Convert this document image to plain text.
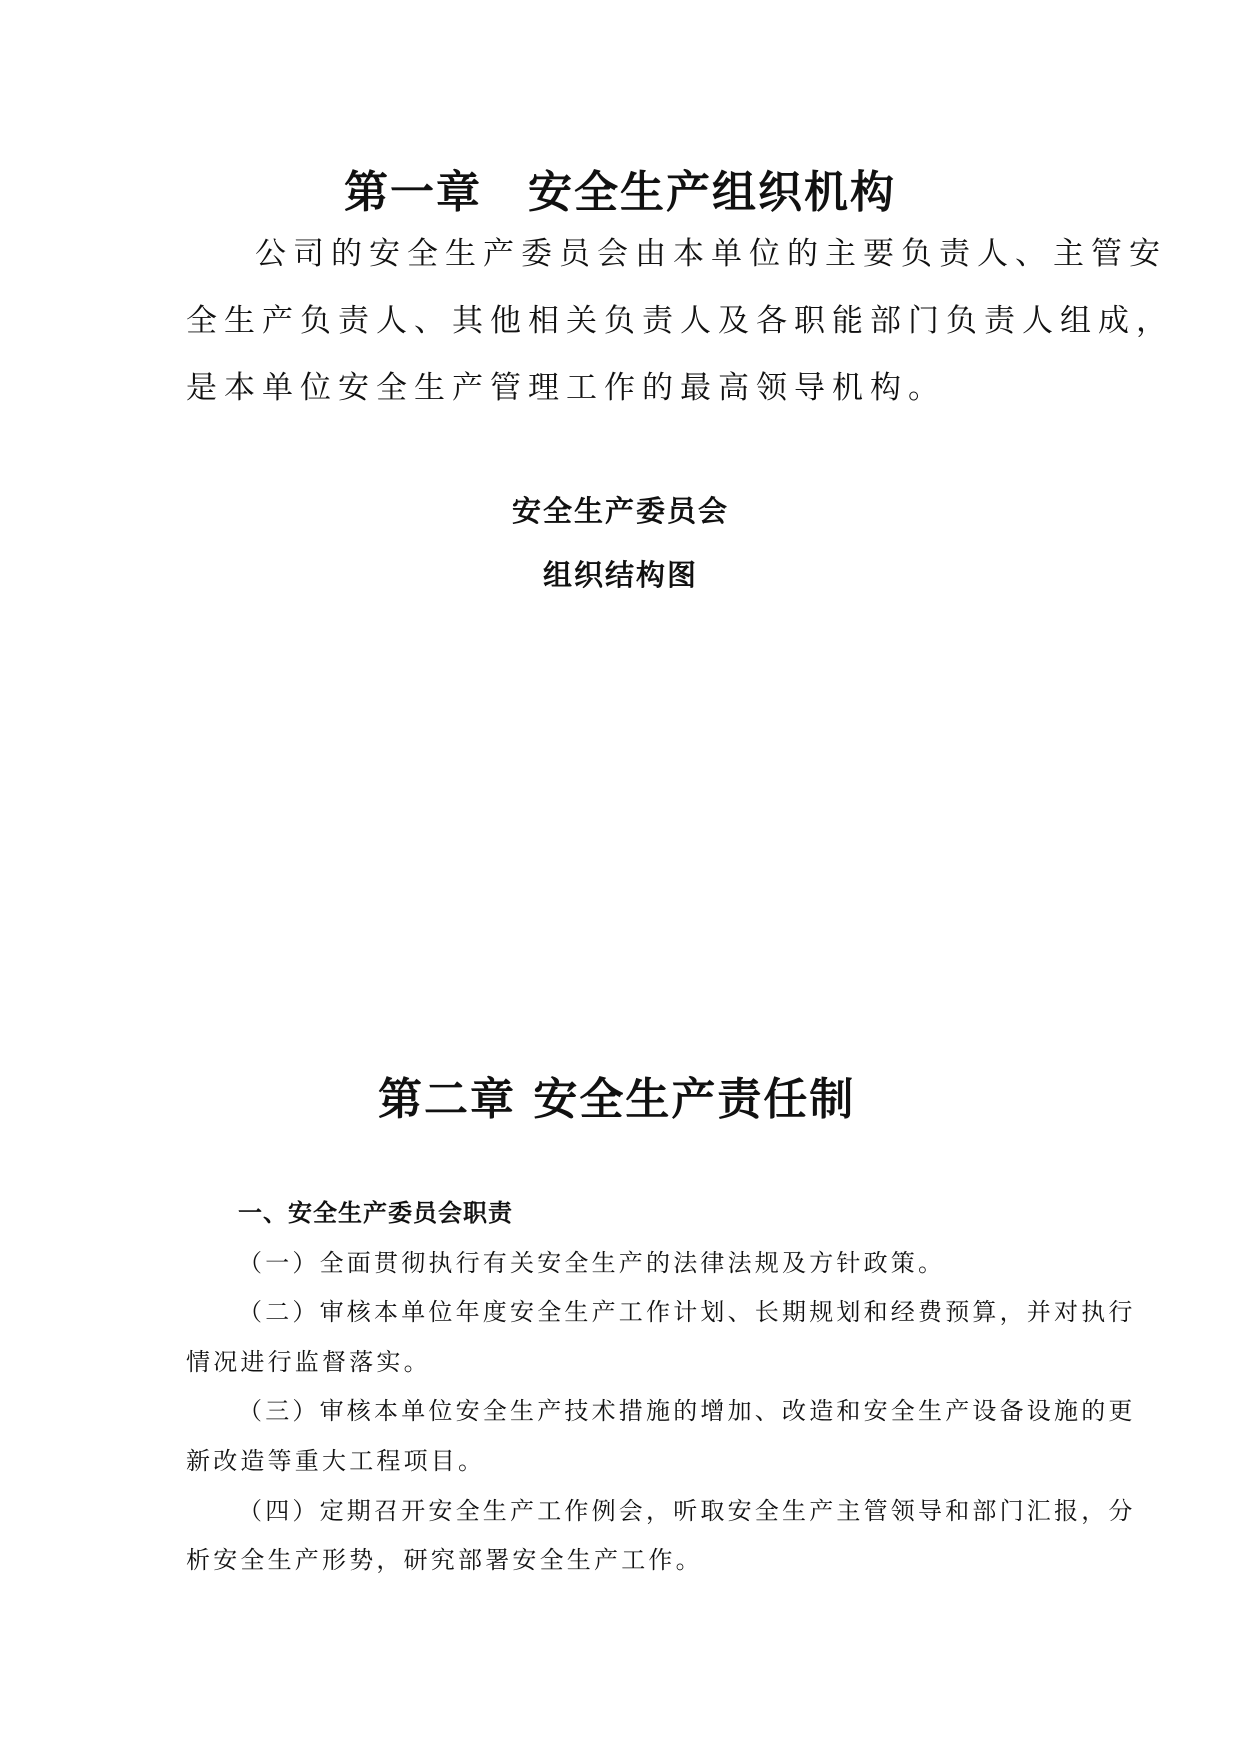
第一章　安全生产组织机构
公司的安全生产委员会由本单位的主要负责人、主管安
全生产负责人、其他相关负责人及各职能部门负责人组成，
是本单位安全生产管理工作的最高领导机构。
安全生产委员会
组织结构图
第二章 安全生产责任制
一、安全生产委员会职责
（一）全面贯彻执行有关安全生产的法律法规及方针政策。
（二）审核本单位年度安全生产工作计划、长期规划和经费预算，并对执行
情况进行监督落实。
（三）审核本单位安全生产技术措施的增加、改造和安全生产设备设施的更
新改造等重大工程项目。
（四）定期召开安全生产工作例会，听取安全生产主管领导和部门汇报，分
析安全生产形势，研究部署安全生产工作。
